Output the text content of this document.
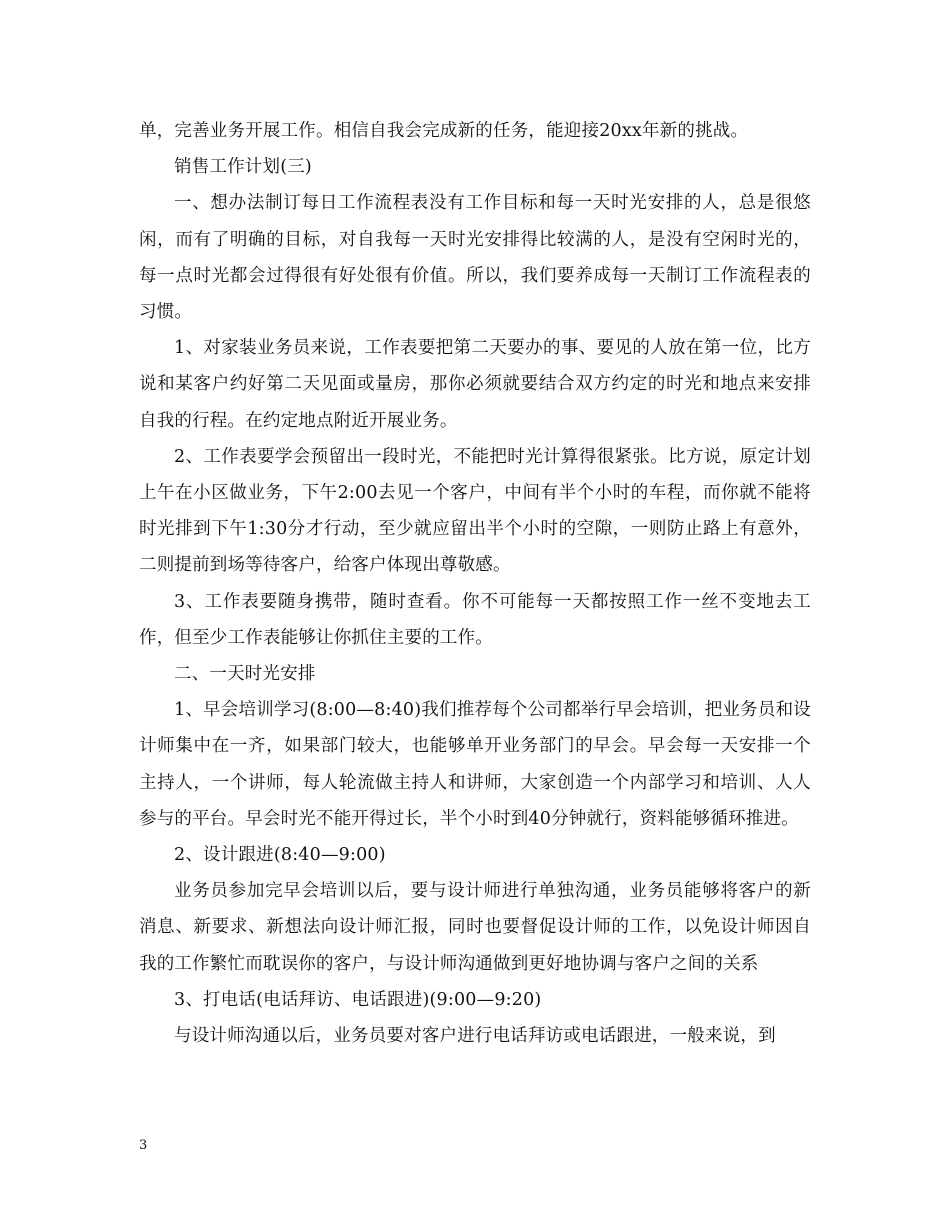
单，完善业务开展工作。相信自我会完成新的任务，能迎接20xx年新的挑战。

销售工作计划(三)

一、想办法制订每日工作流程表没有工作目标和每一天时光安排的人，总是很悠闲，而有了明确的目标，对自我每一天时光安排得比较满的人，是没有空闲时光的，每一点时光都会过得很有好处很有价值。所以，我们要养成每一天制订工作流程表的习惯。

1、对家装业务员来说，工作表要把第二天要办的事、要见的人放在第一位，比方说和某客户约好第二天见面或量房，那你必须就要结合双方约定的时光和地点来安排自我的行程。在约定地点附近开展业务。

2、工作表要学会预留出一段时光，不能把时光计算得很紧张。比方说，原定计划上午在小区做业务，下午2:00去见一个客户，中间有半个小时的车程，而你就不能将时光排到下午1:30分才行动，至少就应留出半个小时的空隙，一则防止路上有意外，二则提前到场等待客户，给客户体现出尊敬感。

3、工作表要随身携带，随时查看。你不可能每一天都按照工作一丝不变地去工作，但至少工作表能够让你抓住主要的工作。

二、一天时光安排

1、早会培训学习(8:00—8:40)我们推荐每个公司都举行早会培训，把业务员和设计师集中在一齐，如果部门较大，也能够单开业务部门的早会。早会每一天安排一个主持人，一个讲师，每人轮流做主持人和讲师，大家创造一个内部学习和培训、人人参与的平台。早会时光不能开得过长，半个小时到40分钟就行，资料能够循环推进。

2、设计跟进(8:40—9:00)

业务员参加完早会培训以后，要与设计师进行单独沟通，业务员能够将客户的新消息、新要求、新想法向设计师汇报，同时也要督促设计师的工作，以免设计师因自我的工作繁忙而耽误你的客户，与设计师沟通做到更好地协调与客户之间的关系

3、打电话(电话拜访、电话跟进)(9:00—9:20)

与设计师沟通以后，业务员要对客户进行电话拜访或电话跟进，一般来说，到

3
